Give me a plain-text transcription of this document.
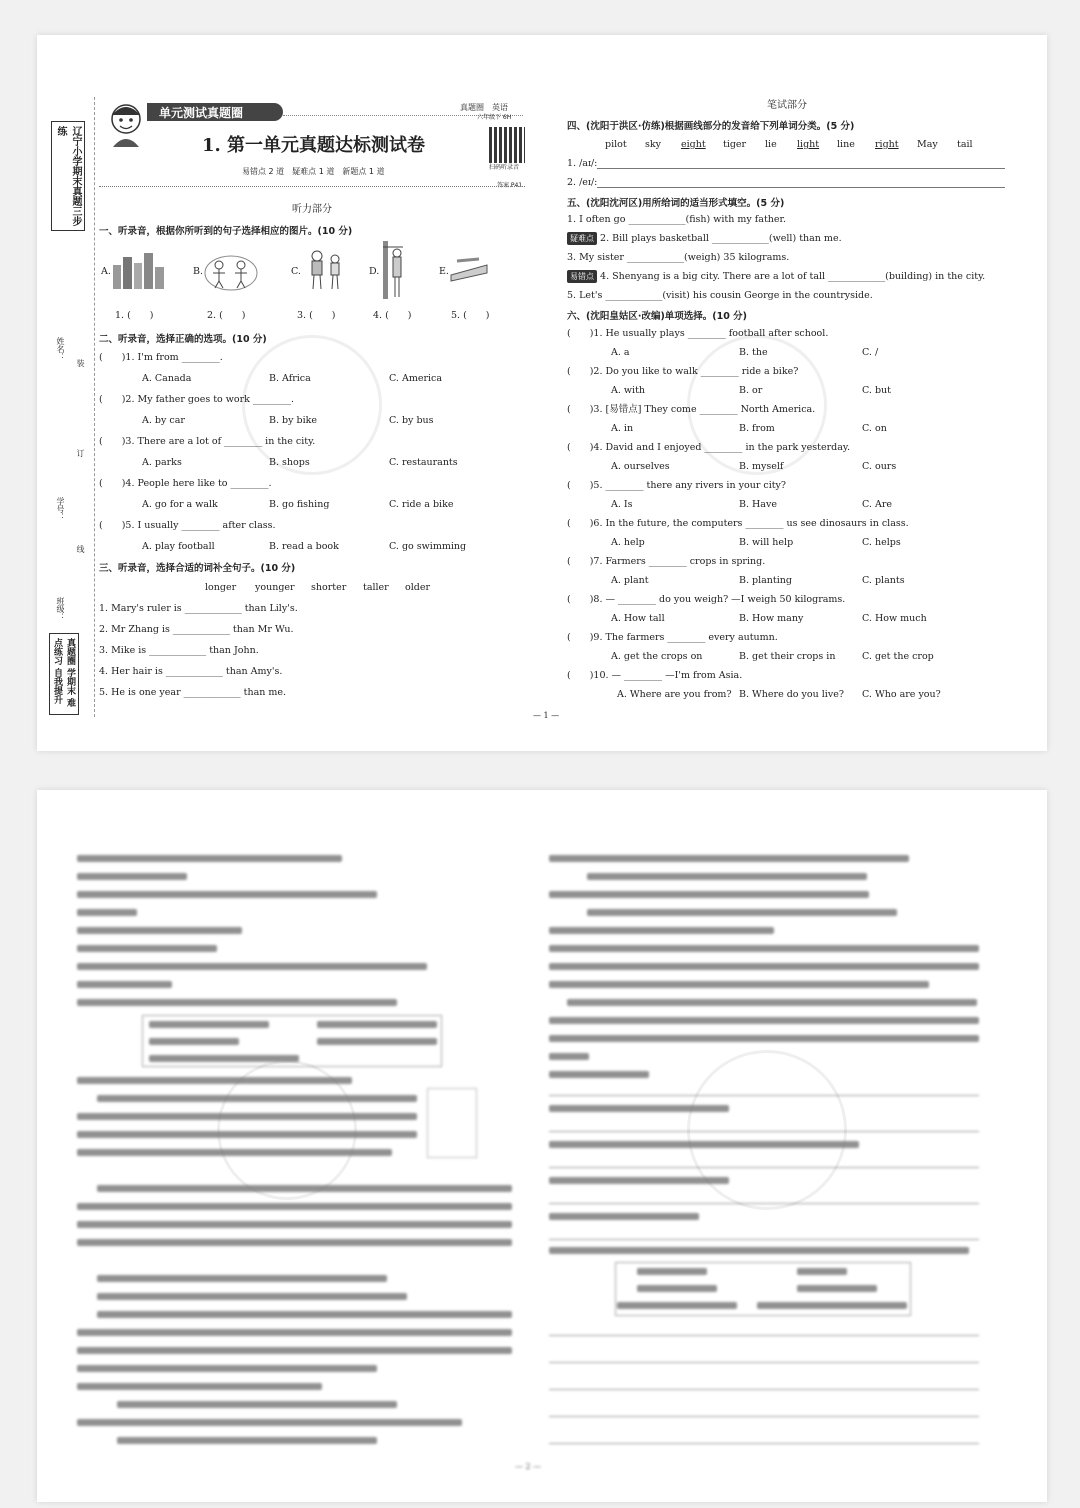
辽宁小学期末真题三步练
姓名：
学号：
班级：
装
订
线
真题圈 学期末 难点练习 自我提升
单元测试真题圈	真题圈　英语
六年级下 6H
扫码听录音
1. 第一单元真题达标测试卷
易错点 2 道　疑难点 1 道　新题点 1 道
答案 P41
听力部分
一、听录音，根据你所听到的句子选择相应的图片。(10 分)
A.	B.	C.	D.	E.
1. (　　)	2. (　　)	3. (　　)	4. (　　)	5. (　　)
二、听录音，选择正确的选项。(10 分)
(　　)1. I'm from ________.
A. Canada	B. Africa	C. America
(　　)2. My father goes to work ________.
A. by car	B. by bike	C. by bus
(　　)3. There are a lot of ________ in the city.
A. parks	B. shops	C. restaurants
(　　)4. People here like to ________.
A. go for a walk	B. go fishing	C. ride a bike
(　　)5. I usually ________ after class.
A. play football	B. read a book	C. go swimming
三、听录音，选择合适的词补全句子。(10 分)
longer younger shorter taller older
1. Mary's ruler is ____________ than Lily's.
2. Mr Zhang is ____________ than Mr Wu.
3. Mike is ____________ than John.
4. Her hair is ____________ than Amy's.
5. He is one year ____________ than me.
笔试部分
四、(沈阳于洪区·仿练)根据画线部分的发音给下列单词分类。(5 分)
pilot sky eight tiger lie light line right May tail
1. /aɪ/:
2. /eɪ/:
五、(沈阳沈河区)用所给词的适当形式填空。(5 分)
1. I often go ____________(fish) with my father.
疑难点 2. Bill plays basketball ____________(well) than me.
3. My sister ____________(weigh) 35 kilograms.
易错点 4. Shenyang is a big city. There are a lot of tall ____________(building) in the city.
5. Let's ____________(visit) his cousin George in the countryside.
六、(沈阳皇姑区·改编)单项选择。(10 分)
(　　)1. He usually plays ________ football after school.
A. a	B. the	C. /
(　　)2. Do you like to walk ________ ride a bike?
A. with	B. or	C. but
(　　)3. [易错点] They come ________ North America.
A. in	B. from	C. on
(　　)4. David and I enjoyed ________ in the park yesterday.
A. ourselves	B. myself	C. ours
(　　)5. ________ there any rivers in your city?
A. Is	B. Have	C. Are
(　　)6. In the future, the computers ________ us see dinosaurs in class.
A. help	B. will help	C. helps
(　　)7. Farmers ________ crops in spring.
A. plant	B. planting	C. plants
(　　)8. — ________ do you weigh? —I weigh 50 kilograms.
A. How tall	B. How many	C. How much
(　　)9. The farmers ________ every autumn.
A. get the crops on	B. get their crops in	C. get the crop
(　　)10. — ________ —I'm from Asia.
A. Where are you from? B. Where do you live? C. Who are you?
— 1 —
— 2 —
